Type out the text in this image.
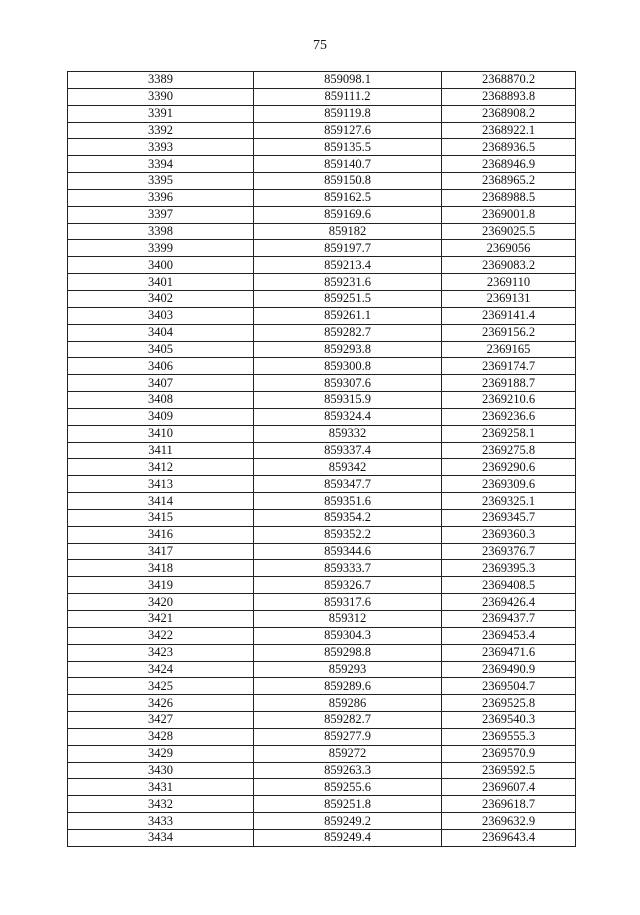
75
3389	859098.1	2368870.2
3390	859111.2	2368893.8
3391	859119.8	2368908.2
3392	859127.6	2368922.1
3393	859135.5	2368936.5
3394	859140.7	2368946.9
3395	859150.8	2368965.2
3396	859162.5	2368988.5
3397	859169.6	2369001.8
3398	859182	2369025.5
3399	859197.7	2369056
3400	859213.4	2369083.2
3401	859231.6	2369110
3402	859251.5	2369131
3403	859261.1	2369141.4
3404	859282.7	2369156.2
3405	859293.8	2369165
3406	859300.8	2369174.7
3407	859307.6	2369188.7
3408	859315.9	2369210.6
3409	859324.4	2369236.6
3410	859332	2369258.1
3411	859337.4	2369275.8
3412	859342	2369290.6
3413	859347.7	2369309.6
3414	859351.6	2369325.1
3415	859354.2	2369345.7
3416	859352.2	2369360.3
3417	859344.6	2369376.7
3418	859333.7	2369395.3
3419	859326.7	2369408.5
3420	859317.6	2369426.4
3421	859312	2369437.7
3422	859304.3	2369453.4
3423	859298.8	2369471.6
3424	859293	2369490.9
3425	859289.6	2369504.7
3426	859286	2369525.8
3427	859282.7	2369540.3
3428	859277.9	2369555.3
3429	859272	2369570.9
3430	859263.3	2369592.5
3431	859255.6	2369607.4
3432	859251.8	2369618.7
3433	859249.2	2369632.9
3434	859249.4	2369643.4
